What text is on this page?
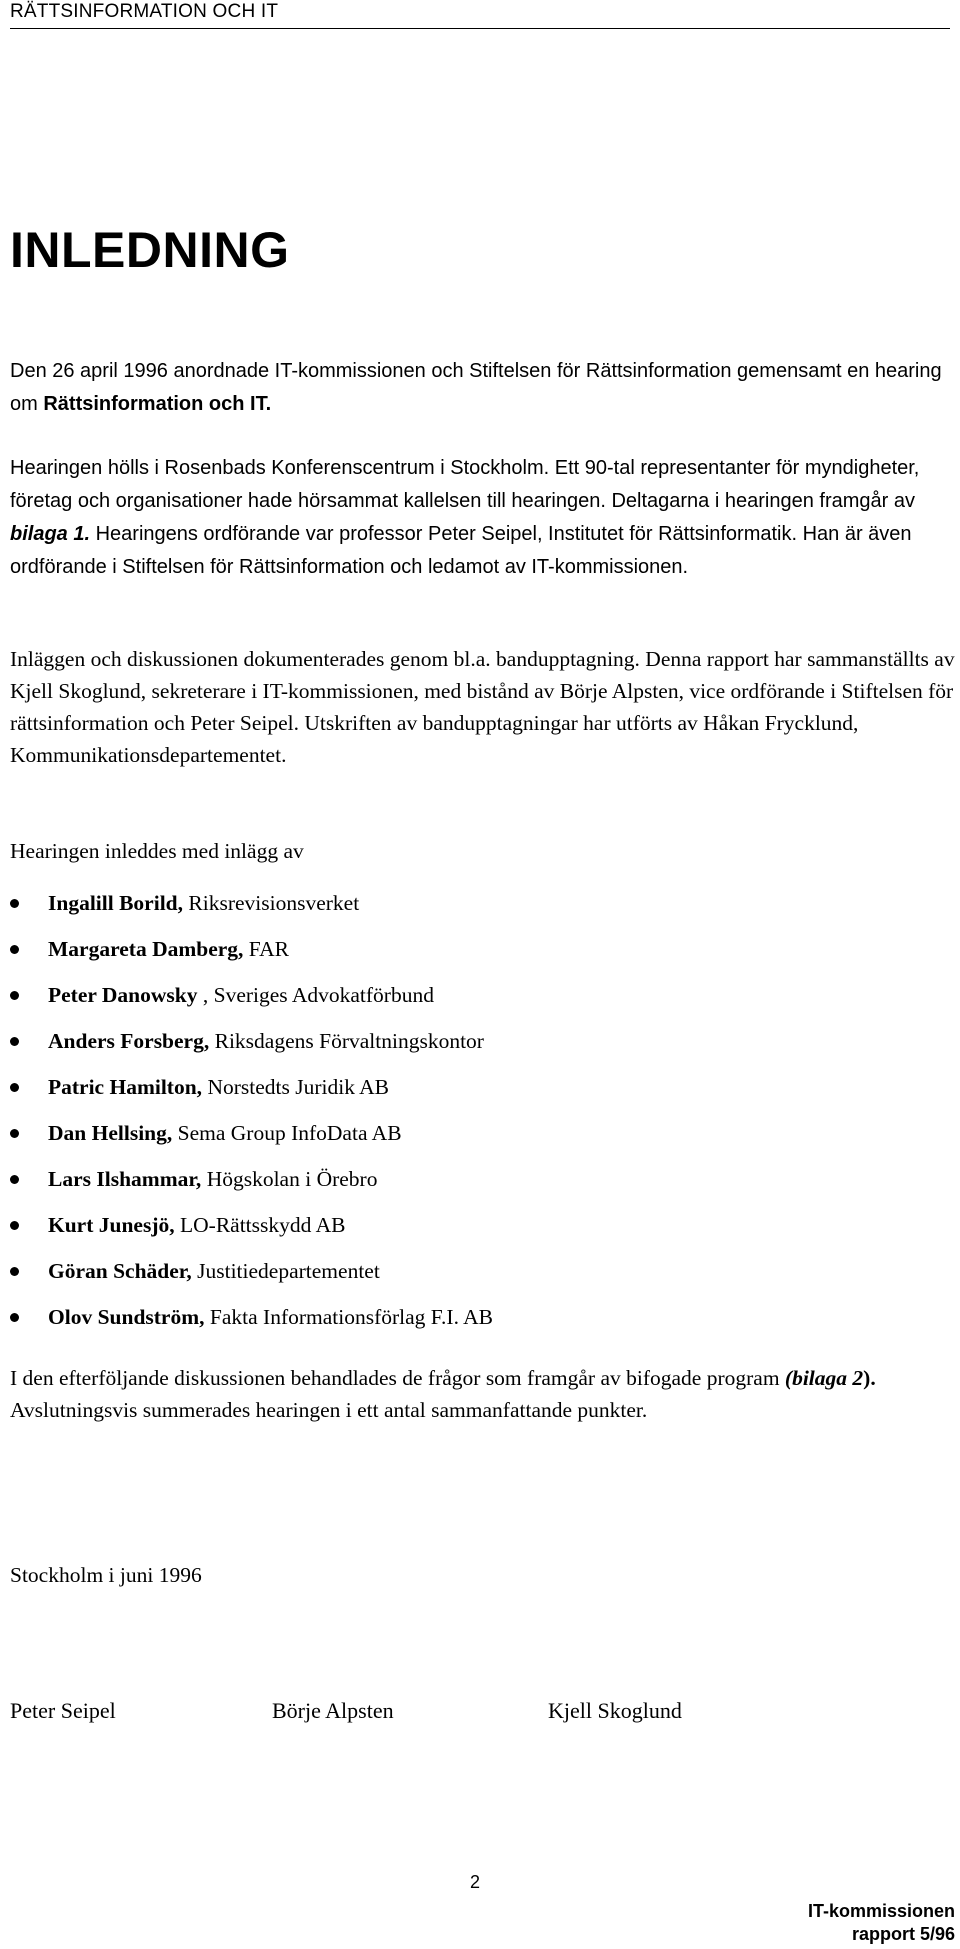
RÄTTSINFORMATION OCH IT
INLEDNING

Den 26 april 1996 anordnade IT-kommissionen och Stiftelsen för Rättsinformation gemensamt en hearing om Rättsinformation och IT.

Hearingen hölls i Rosenbads Konferenscentrum i Stockholm. Ett 90-tal representanter för myndigheter, företag och organisationer hade hörsammat kallelsen till hearingen. Deltagarna i hearingen framgår av bilaga 1. Hearingens ordförande var professor Peter Seipel, Institutet för Rättsinformatik. Han är även ordförande i Stiftelsen för Rättsinformation och ledamot av IT-kommissionen.

Inläggen och diskussionen dokumenterades genom bl.a. bandupptagning. Denna rapport har sammanställts av Kjell Skoglund, sekreterare i IT-kommissionen, med bistånd av Börje Alpsten, vice ordförande i Stiftelsen för rättsinformation och Peter Seipel. Utskriften av bandupptagningar har utförts av Håkan Frycklund, Kommunikationsdepartementet.

Hearingen inleddes med inlägg av

Ingalill Borild, Riksrevisionsverket
Margareta Damberg, FAR
Peter Danowsky , Sveriges Advokatförbund
Anders Forsberg, Riksdagens Förvaltningskontor
Patric Hamilton, Norstedts Juridik AB
Dan Hellsing, Sema Group InfoData AB
Lars Ilshammar, Högskolan i Örebro
Kurt Junesjö, LO-Rättsskydd AB
Göran Schäder, Justitiedepartementet
Olov Sundström, Fakta Informationsförlag F.I. AB

I den efterföljande diskussionen behandlades de frågor som framgår av bifogade program (bilaga 2). Avslutningsvis summerades hearingen i ett antal sammanfattande punkter.

Stockholm i juni 1996

Peter Seipel	Börje Alpsten	Kjell Skoglund
2
IT-kommissionen
rapport 5/96
